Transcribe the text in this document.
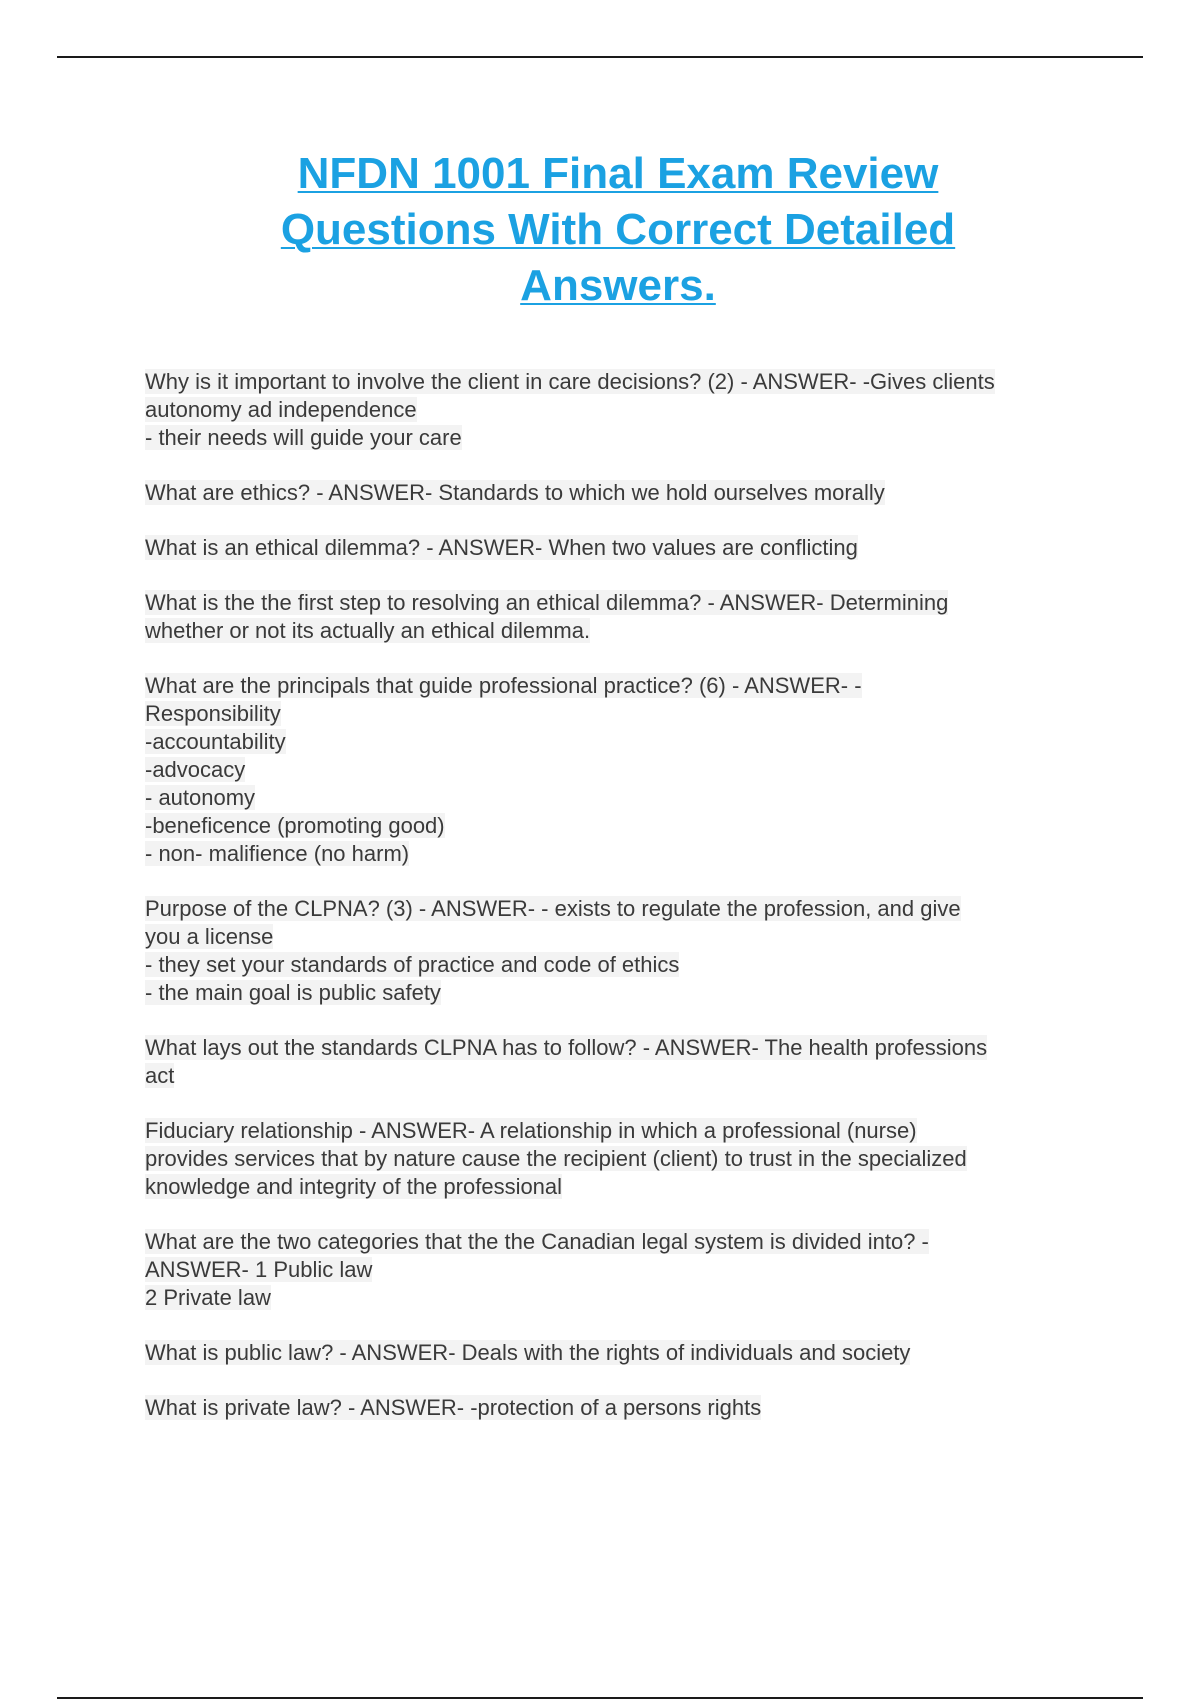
NFDN 1001 Final Exam Review
Questions With Correct Detailed
Answers.
Why is it important to involve the client in care decisions? (2) - ANSWER- -Gives clients
autonomy ad independence
- their needs will guide your care
What are ethics? - ANSWER- Standards to which we hold ourselves morally
What is an ethical dilemma? - ANSWER- When two values are conflicting
What is the the first step to resolving an ethical dilemma? - ANSWER- Determining
whether or not its actually an ethical dilemma.
What are the principals that guide professional practice? (6) - ANSWER- -
Responsibility
-accountability
-advocacy
- autonomy
-beneficence (promoting good)
- non- malifience (no harm)
Purpose of the CLPNA? (3) - ANSWER- - exists to regulate the profession, and give
you a license
- they set your standards of practice and code of ethics
- the main goal is public safety
What lays out the standards CLPNA has to follow? - ANSWER- The health professions
act
Fiduciary relationship - ANSWER- A relationship in which a professional (nurse)
provides services that by nature cause the recipient (client) to trust in the specialized
knowledge and integrity of the professional
What are the two categories that the the Canadian legal system is divided into? -
ANSWER- 1 Public law
2 Private law
What is public law? - ANSWER- Deals with the rights of individuals and society
What is private law? - ANSWER- -protection of a persons rights
